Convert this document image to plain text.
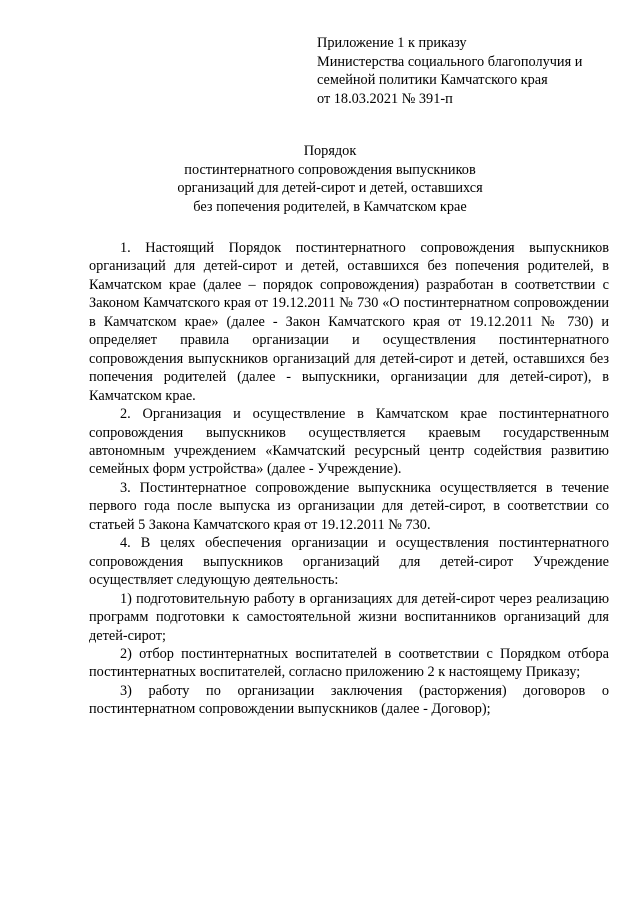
Приложение 1 к приказу
Министерства социального благополучия и
семейной политики Камчатского края
от 18.03.2021 № 391-п
Порядок
постинтернатного сопровождения выпускников
организаций для детей-сирот и детей, оставшихся
без попечения родителей, в Камчатском крае

1. Настоящий Порядок постинтернатного сопровождения выпускников организаций для детей-сирот и детей, оставшихся без попечения родителей, в Камчатском крае (далее – порядок сопровождения) разработан в соответствии с Законом Камчатского края от 19.12.2011 № 730 «О постинтернатном сопровождении в Камчатском крае» (далее - Закон Камчатского края от 19.12.2011 № 730) и определяет правила организации и осуществления постинтернатного сопровождения выпускников организаций для детей-сирот и детей, оставшихся без попечения родителей (далее - выпускники, организации для детей-сирот), в Камчатском крае.

2. Организация и осуществление в Камчатском крае постинтернатного сопровождения выпускников осуществляется краевым государственным автономным учреждением «Камчатский ресурсный центр содействия развитию семейных форм устройства» (далее - Учреждение).

3. Постинтернатное сопровождение выпускника осуществляется в течение первого года после выпуска из организации для детей-сирот, в соответствии со статьей 5 Закона Камчатского края от 19.12.2011 № 730.

4. В целях обеспечения организации и осуществления постинтернатного сопровождения выпускников организаций для детей-сирот Учреждение осуществляет следующую деятельность:

1) подготовительную работу в организациях для детей-сирот через реализацию программ подготовки к самостоятельной жизни воспитанников организаций для детей-сирот;

2) отбор постинтернатных воспитателей в соответствии с Порядком отбора постинтернатных воспитателей, согласно приложению 2 к настоящему Приказу;

3) работу по организации заключения (расторжения) договоров о постинтернатном сопровождении выпускников (далее - Договор);
